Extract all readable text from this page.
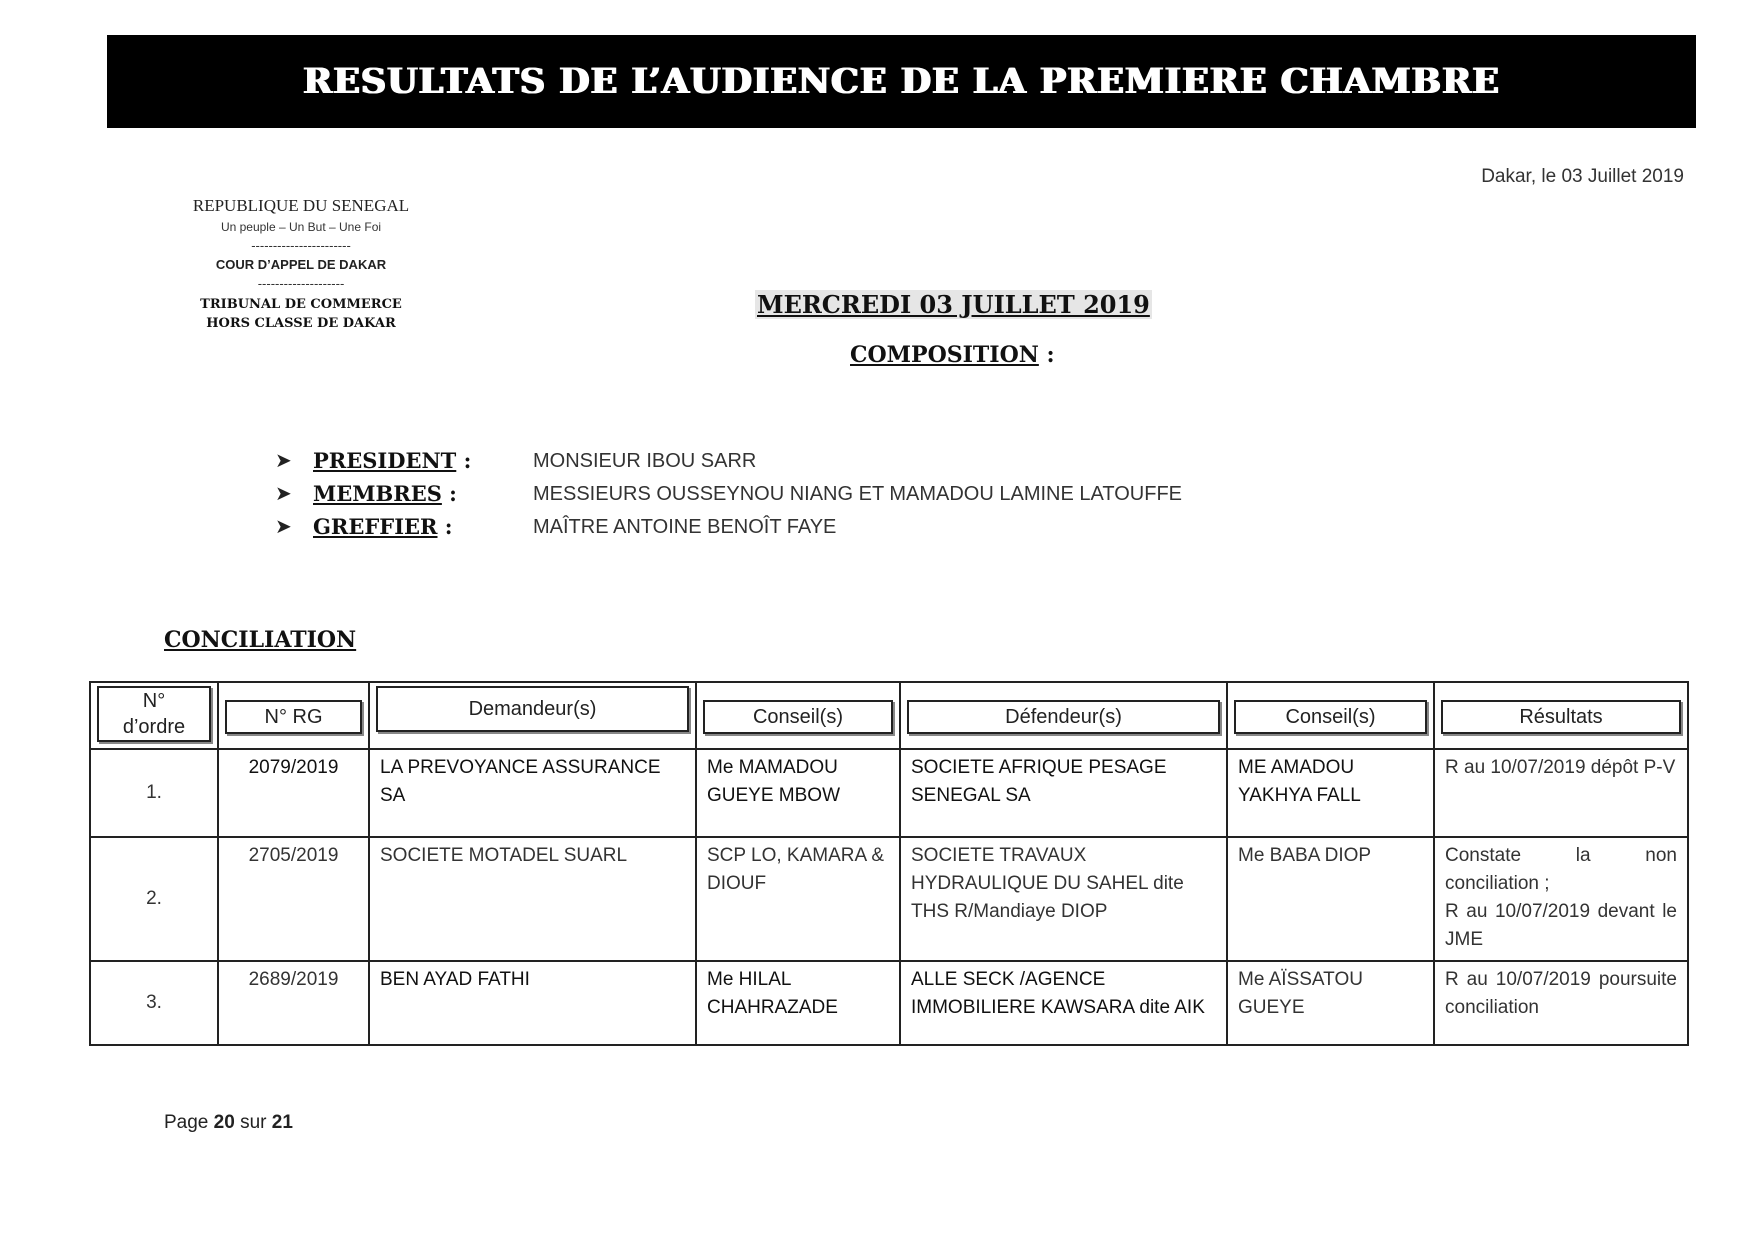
RESULTATS DE L’AUDIENCE DE LA PREMIERE CHAMBRE
Dakar, le 03 Juillet 2019
REPUBLIQUE DU SENEGAL
Un peuple – Un But – Une Foi
-----------------------
COUR D’APPEL DE DAKAR
--------------------
TRIBUNAL DE COMMERCE
HORS CLASSE DE DAKAR
MERCREDI 03 JUILLET 2019
COMPOSITION :
➤ PRESIDENT :	MONSIEUR IBOU SARR
➤ MEMBRES :	MESSIEURS OUSSEYNOU NIANG ET MAMADOU LAMINE LATOUFFE
➤ GREFFIER :	MAÎTRE ANTOINE BENOÎT FAYE
CONCILIATION
N°
d’ordre	N° RG	Demandeur(s)	Conseil(s)	Défendeur(s)	Conseil(s)	Résultats

1.	2079/2019	LA PREVOYANCE ASSURANCE SA	Me MAMADOU GUEYE MBOW	SOCIETE AFRIQUE PESAGE SENEGAL SA	ME AMADOU YAKHYA FALL	R au 10/07/2019 dépôt P-V

2.	2705/2019	SOCIETE MOTADEL SUARL	SCP LO, KAMARA & DIOUF	SOCIETE TRAVAUX HYDRAULIQUE DU SAHEL dite THS R/Mandiaye DIOP	Me BABA DIOP	Constate la non conciliation ;
R au 10/07/2019 devant le JME

3.	2689/2019	BEN AYAD FATHI	Me HILAL CHAHRAZADE	ALLE SECK /AGENCE IMMOBILIERE KAWSARA dite AIK	Me AÏSSATOU GUEYE	R au 10/07/2019 poursuite conciliation
Page 20 sur 21
